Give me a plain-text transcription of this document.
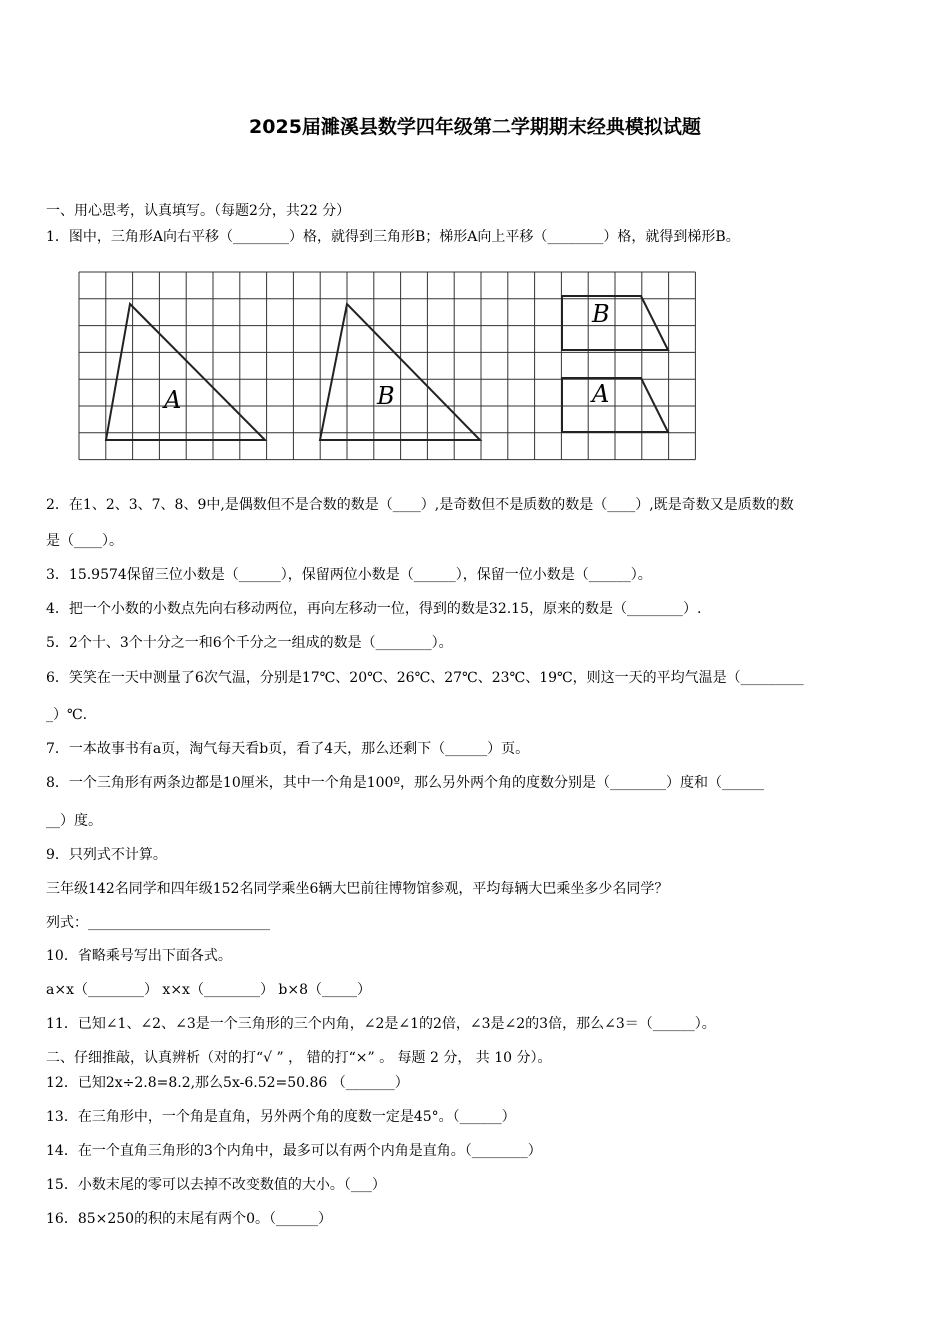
2025届濉溪县数学四年级第二学期期末经典模拟试题
一、用心思考，认真填写。（每题2分，共22 分）
1．图中，三角形A向右平移（________）格，就得到三角形B；梯形A向上平移（________）格，就得到梯形B。
A	B
B
A
2．在1、2、3、7、8、9中,是偶数但不是合数的数是（____）,是奇数但不是质数的数是（____）,既是奇数又是质数的数
是（____）。
3．15.9574保留三位小数是（______），保留两位小数是（______），保留一位小数是（______）。
4．把一个小数的小数点先向右移动两位，再向左移动一位，得到的数是32.15，原来的数是（________）.
5．2个十、3个十分之一和6个千分之一组成的数是（________）。
6．笑笑在一天中测量了6次气温，分别是17℃、20℃、26℃、27℃、23℃、19℃，则这一天的平均气温是（_________
_）℃.
7．一本故事书有a页，淘气每天看b页，看了4天，那么还剩下（______）页。
8．一个三角形有两条边都是10厘米，其中一个角是100º，那么另外两个角的度数分别是（________）度和（______
__）度。
9．只列式不计算。
三年级142名同学和四年级152名同学乘坐6辆大巴前往博物馆参观，平均每辆大巴乘坐多少名同学？
列式：__________________________
10．省略乘号写出下面各式。
a×x（________） x×x（________） b×8（_____）
11．已知∠1、∠2、∠3是一个三角形的三个内角，∠2是∠1的2倍，∠3是∠2的3倍，那么∠3＝（______）。
二、仔细推敲，认真辨析（对的打“√ ” ， 错的打“×” 。 每题 2 分， 共 10 分）。
12．已知2x÷2.8=8.2,那么5x-6.52=50.86 （_______）
13．在三角形中，一个角是直角，另外两个角的度数一定是45°。（______）
14．在一个直角三角形的3个内角中，最多可以有两个内角是直角。（________）
15．小数末尾的零可以去掉不改变数值的大小。（___）
16．85×250的积的末尾有两个0。（______）
